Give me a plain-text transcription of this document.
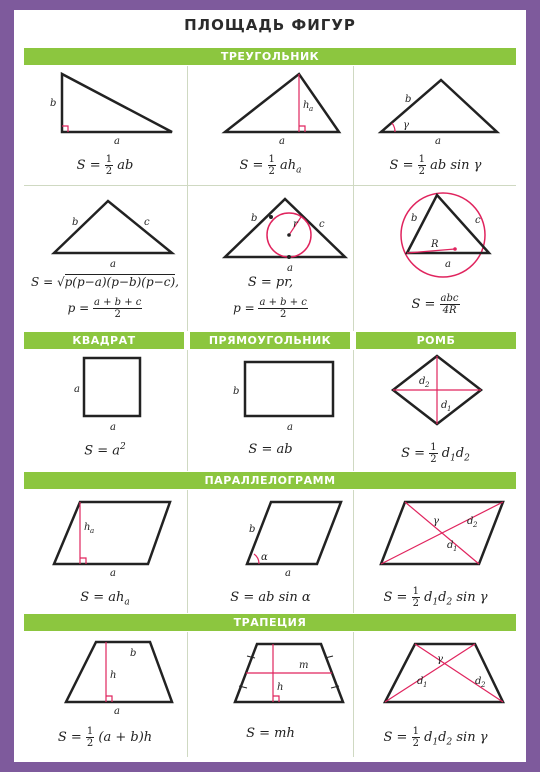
ПЛОЩАДЬ ФИГУР
ТРЕУГОЛЬНИК
КВАДРАТ	ПРЯМОУГОЛЬНИК	РОМБ
ПАРАЛЛЕЛОГРАММ
ТРАПЕЦИЯ
b
a
$S = \frac{1}{2}$ ab
h a
a
$S = \frac{1}{2} ah_a$
γ
b
a
$S = \frac{1}{2}$ ab sin γ
b	c
a
S = √p(p−a)(p−b)(p−c),
$p = \frac{a + b + c}{2}$
r
b
c
a
S = pr,
$p = \frac{a + b + c}{2}$
R
b	c
a
$S = \frac{\text{abc}}{4R}$
a
a
$S = a^2$
b
a
S = ab
d 2
d 1
$S = \frac{1}{2} d_1d_2$
h a
a
$S = ah_a$
α
b
a
S = ab sin α
γ	d 2
d 1
$S = \frac{1}{2} d_1d_2$ sin γ
h
b
a
$S = \frac{1}{2} (a + b)h$
m
h
S = mh
γ
d 1	d 2
$S = \frac{1}{2} d_1d_2$ sin γ
